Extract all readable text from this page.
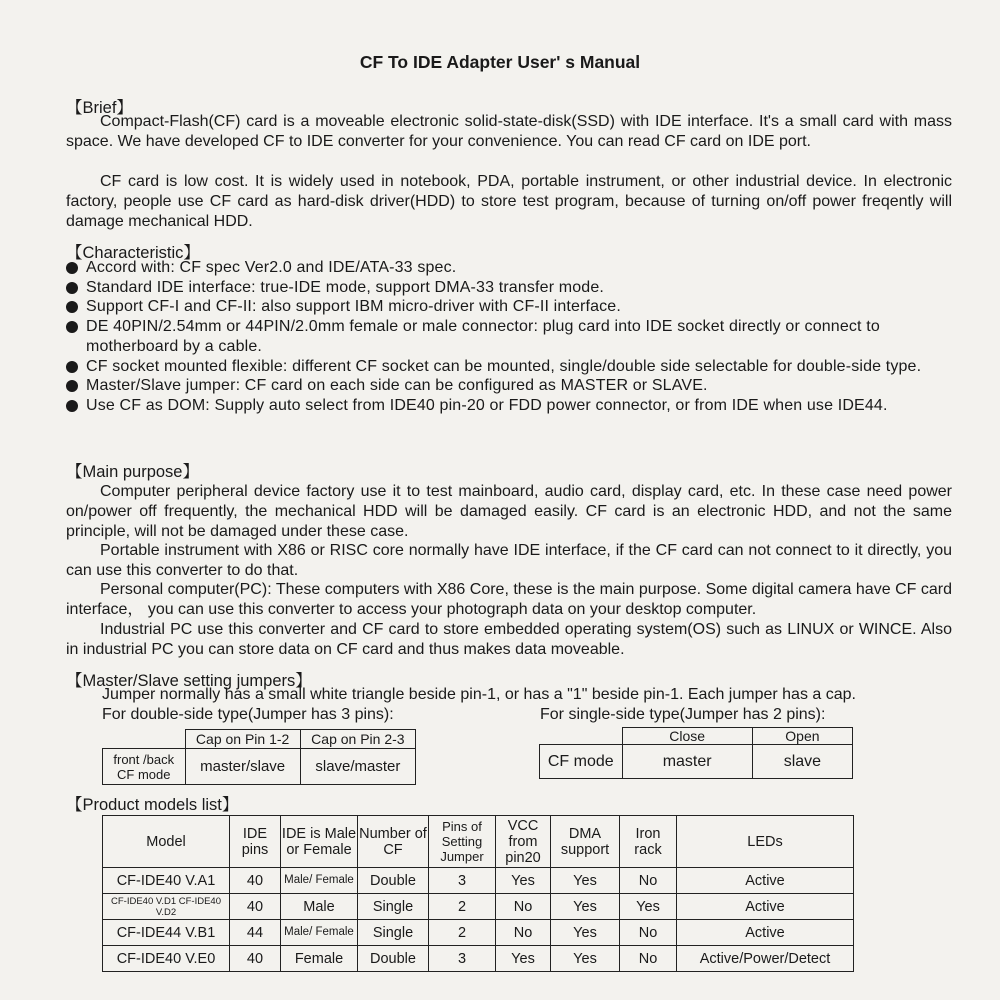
CF To IDE Adapter User' s Manual
【Brief】
Compact-Flash(CF) card is a moveable electronic solid-state-disk(SSD) with IDE interface. It's a small card with mass space. We have developed CF to IDE converter for your convenience. You can read CF card on IDE port.
CF card is low cost. It is widely used in notebook, PDA, portable instrument, or other industrial device. In electronic factory, people use CF card as hard-disk driver(HDD) to store test program, because of turning on/off power freqently will damage mechanical HDD.
【Characteristic】
Accord with: CF spec Ver2.0 and IDE/ATA-33 spec.
Standard IDE interface: true-IDE mode, support DMA-33 transfer mode.
Support CF-I and CF-II: also support IBM micro-driver with CF-II interface.
DE 40PIN/2.54mm or 44PIN/2.0mm female or male connector: plug card into IDE socket directly or connect to motherboard by a cable.
CF socket mounted flexible: different CF socket can be mounted, single/double side selectable for double-side type.
Master/Slave jumper: CF card on each side can be configured as MASTER or SLAVE.
Use CF as DOM: Supply auto select from IDE40 pin-20 or FDD power connector, or from IDE when use IDE44.
【Main purpose】
Computer peripheral device factory use it to test mainboard, audio card, display card, etc. In these case need power on/power off frequently, the mechanical HDD will be damaged easily. CF card is an electronic HDD, and not the same principle, will not be damaged under these case.
Portable instrument with X86 or RISC core normally have IDE interface, if the CF card can not connect to it directly, you can use this converter to do that.
Personal computer(PC): These computers with X86 Core, these is the main purpose. Some digital camera have CF card interface， you can use this converter to access your photograph data on your desktop computer.
Industrial PC use this converter and CF card to store embedded operating system(OS) such as LINUX or WINCE. Also in industrial PC you can store data on CF card and thus makes data moveable.
【Master/Slave setting jumpers】
Jumper normally has a small white triangle beside pin-1, or has a "1" beside pin-1. Each jumper has a cap.
For double-side type(Jumper has 3 pins):	For single-side type(Jumper has 2 pins):
	Cap on Pin 1-2	Cap on Pin 2-3
front /back CF mode	master/slave	slave/master
	Close	Open
CF mode	master	slave
【Product models list】
Model	IDE pins	IDE is Male or Female	Number of CF	Pins of Setting Jumper	VCC from pin20	DMA support	Iron rack	LEDs
CF-IDE40 V.A1	40	Male/ Female	Double	3	Yes	Yes	No	Active
CF-IDE40 V.D1 CF-IDE40 V.D2	40	Male	Single	2	No	Yes	Yes	Active
CF-IDE44 V.B1	44	Male/ Female	Single	2	No	Yes	No	Active
CF-IDE40 V.E0	40	Female	Double	3	Yes	Yes	No	Active/Power/Detect
